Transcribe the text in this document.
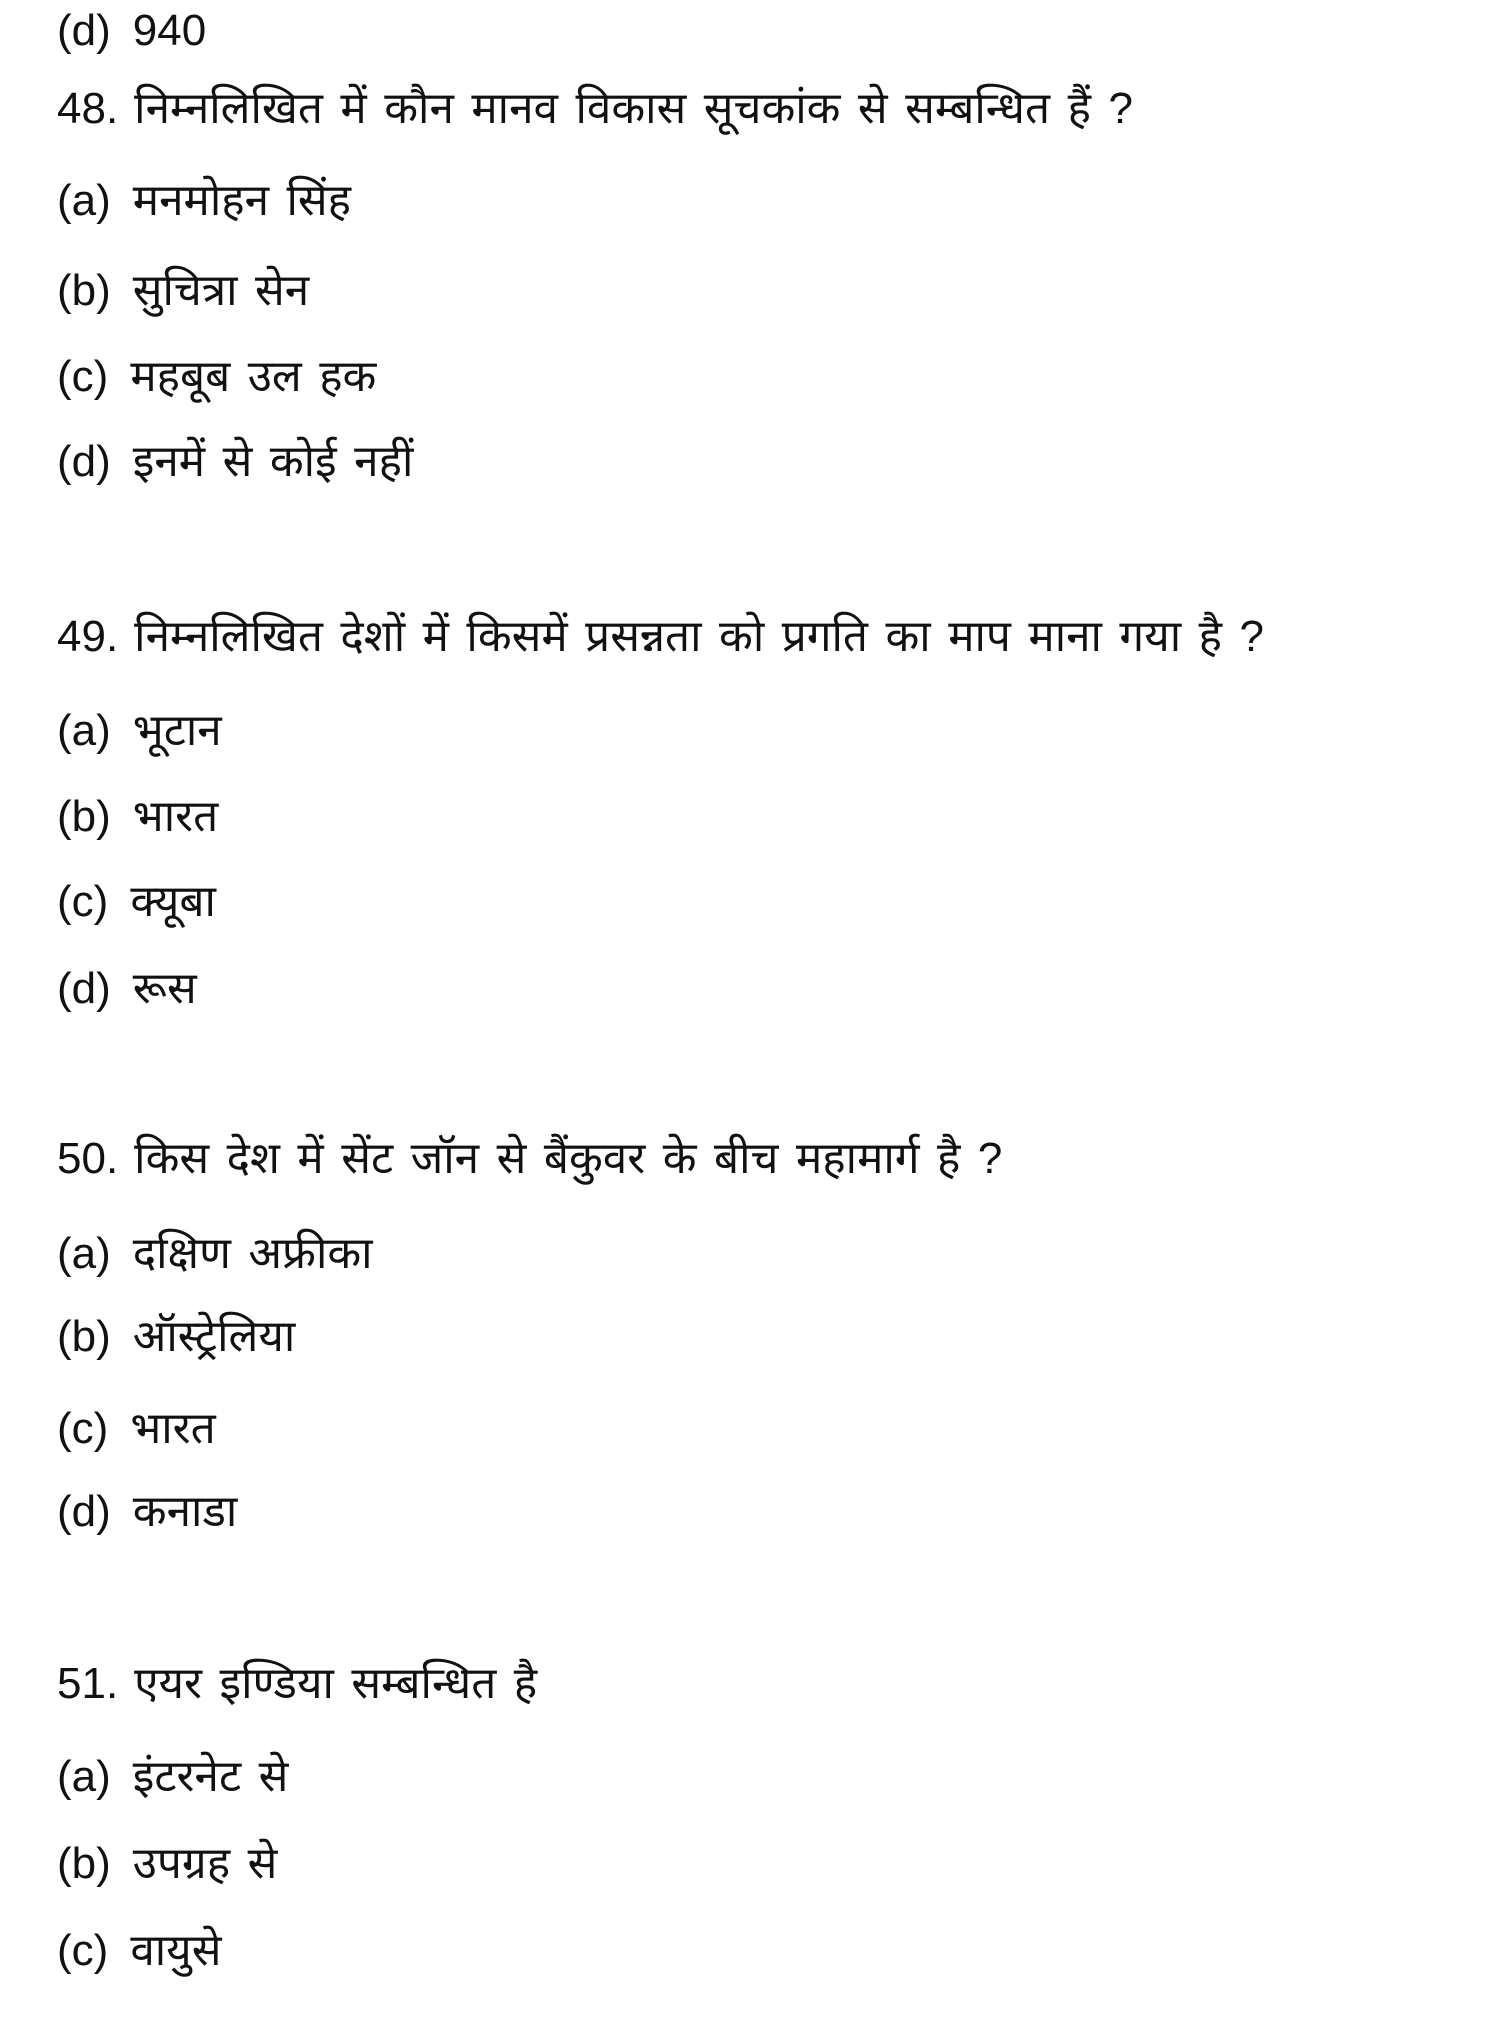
(d) 940
48. निम्नलिखित में कौन मानव विकास सूचकांक से सम्बन्धित हैं ?
(a) मनमोहन सिंह
(b) सुचित्रा सेन
(c) महबूब उल हक
(d) इनमें से कोई नहीं
49. निम्नलिखित देशों में किसमें प्रसन्नता को प्रगति का माप माना गया है ?
(a) भूटान
(b) भारत
(c) क्यूबा
(d) रूस
50. किस देश में सेंट जॉन से बैंकुवर के बीच महामार्ग है ?
(a) दक्षिण अफ्रीका
(b) ऑस्ट्रेलिया
(c) भारत
(d) कनाडा
51. एयर इण्डिया सम्बन्धित है
(a) इंटरनेट से
(b) उपग्रह से
(c) वायुसे
